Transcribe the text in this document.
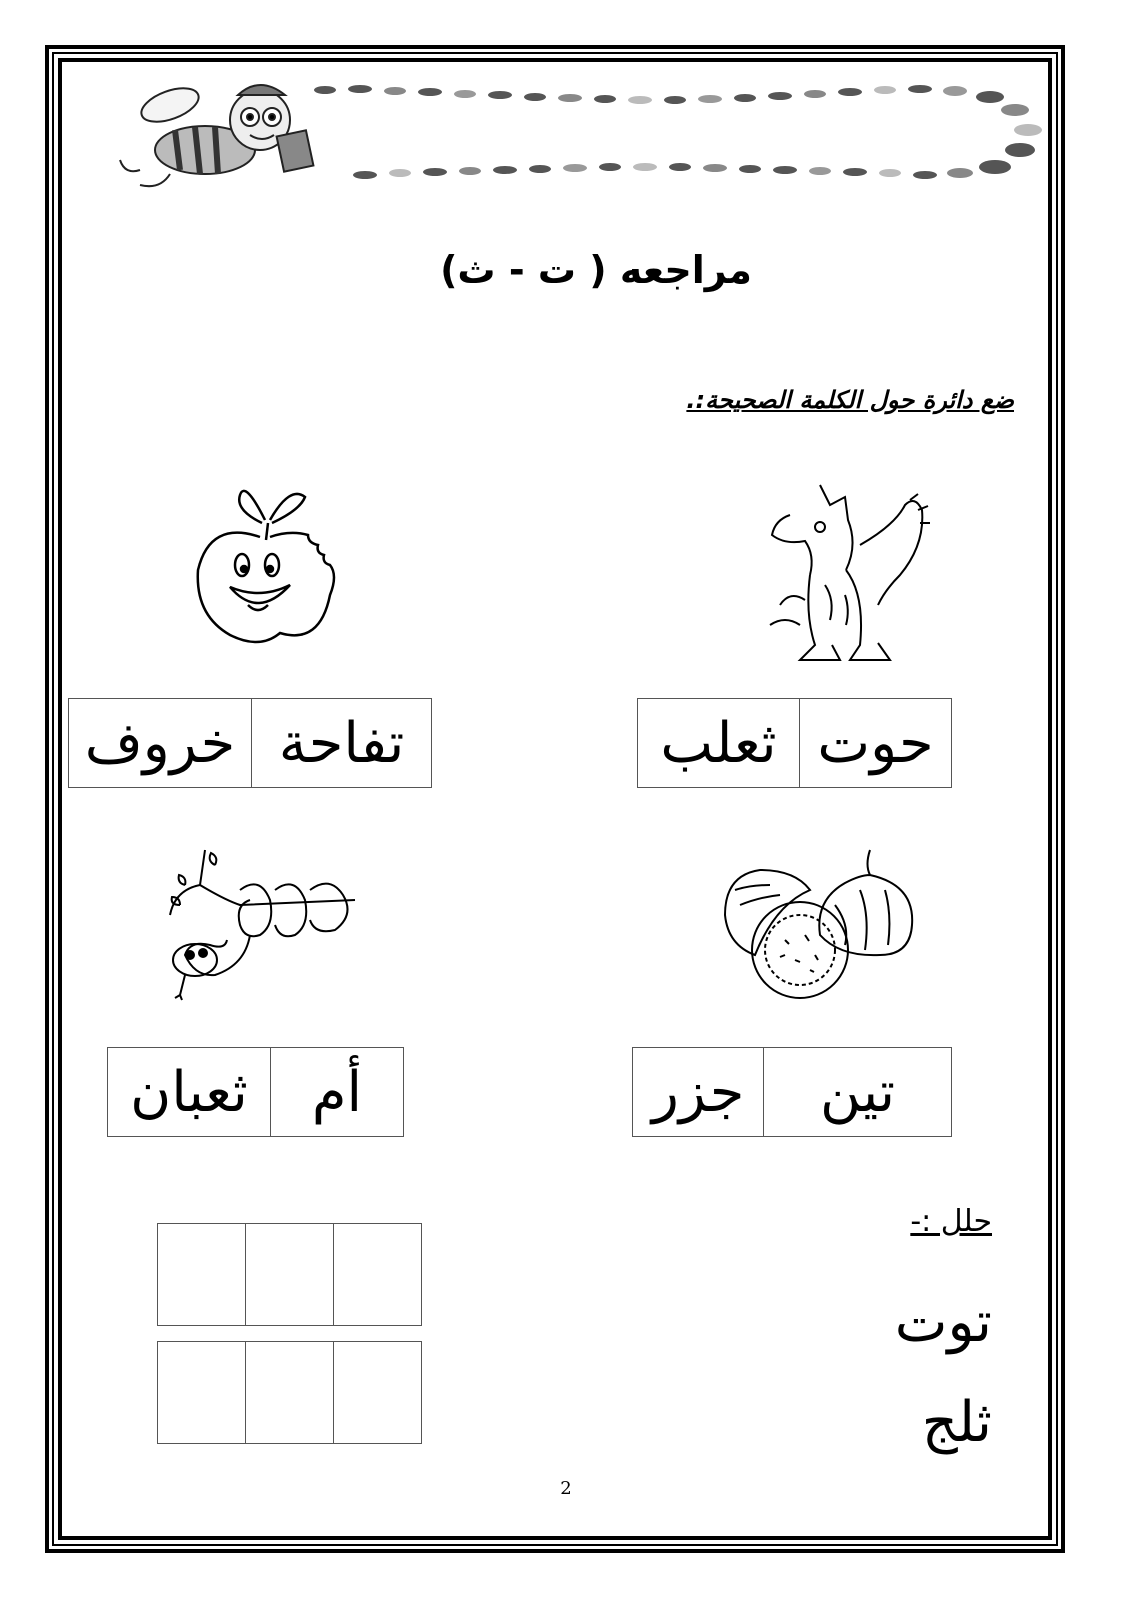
مراجعه ( ت - ث)
ضع دائرة حول الكلمة الصحيحة:.
حوت
ثعلب
تفاحة
خروف
تين
جزر
أم
ثعبان
حلل :-
توت
ثلج
2
